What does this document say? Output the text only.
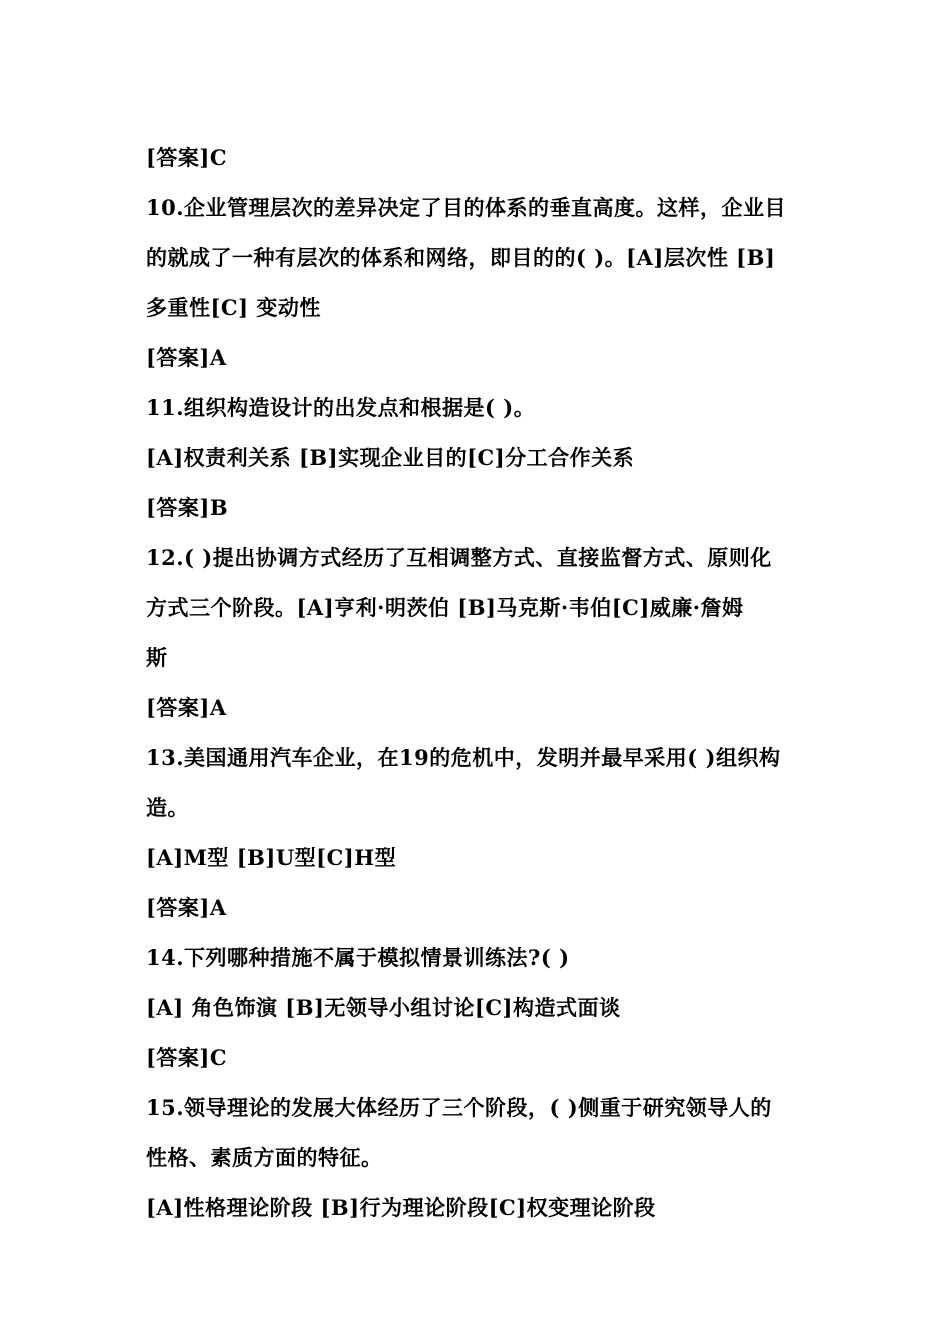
[答案]C
10.企业管理层次的差异决定了目的体系的垂直高度。这样，企业目
的就成了一种有层次的体系和网络，即目的的( )。[A]层次性 [B]
多重性[C] 变动性
[答案]A
11.组织构造设计的出发点和根据是( )。
[A]权责利关系 [B]实现企业目的[C]分工合作关系
[答案]B
12.( )提出协调方式经历了互相调整方式、直接监督方式、原则化
方式三个阶段。[A]亨利·明茨伯 [B]马克斯·韦伯[C]威廉·詹姆
斯
[答案]A
13.美国通用汽车企业，在19的危机中，发明并最早采用( )组织构
造。
[A]M型 [B]U型[C]H型
[答案]A
14.下列哪种措施不属于模拟情景训练法?( )
[A] 角色饰演 [B]无领导小组讨论[C]构造式面谈
[答案]C
15.领导理论的发展大体经历了三个阶段，( )侧重于研究领导人的
性格、素质方面的特征。
[A]性格理论阶段 [B]行为理论阶段[C]权变理论阶段
